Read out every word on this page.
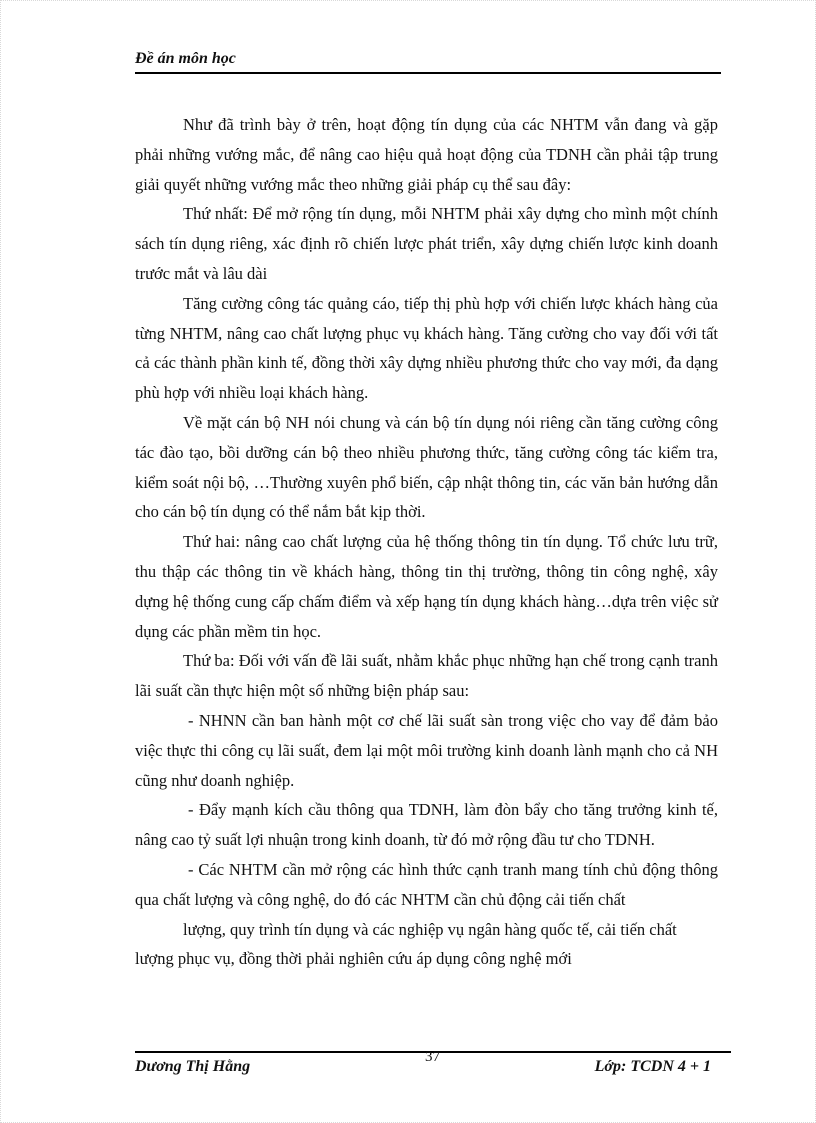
Đề án môn học

Như đã trình bày ở trên, hoạt động tín dụng của các NHTM vẫn đang và gặp phải những vướng mắc, để nâng cao hiệu quả hoạt động của TDNH cần phải tập trung giải quyết những vướng mắc theo những giải pháp cụ thể sau đây:

Thứ nhất: Để mở rộng tín dụng, mỗi NHTM phải xây dựng cho mình một chính sách tín dụng riêng, xác định rõ chiến lược phát triển, xây dựng chiến lược kinh doanh trước mắt và lâu dài

Tăng cường công tác quảng cáo, tiếp thị phù hợp với chiến lược khách hàng của từng NHTM, nâng cao chất lượng phục vụ khách hàng. Tăng cường cho vay đối với tất cả các thành phần kinh tế, đồng thời xây dựng nhiều phương thức cho vay mới, đa dạng phù hợp với nhiều loại khách hàng.

Về mặt cán bộ NH nói chung và cán bộ tín dụng nói riêng cần tăng cường công tác đào tạo, bồi dưỡng cán bộ theo nhiều phương thức, tăng cường công tác kiểm tra, kiểm soát nội bộ, …Thường xuyên phổ biến, cập nhật thông tin, các văn bản hướng dẫn cho cán bộ tín dụng có thể nắm bắt kịp thời.

Thứ hai: nâng cao chất lượng của hệ thống thông tin tín dụng. Tổ chức lưu trữ, thu thập các thông tin về khách hàng, thông tin thị trường, thông tin công nghệ, xây dựng hệ thống cung cấp chấm điểm và xếp hạng tín dụng khách hàng…dựa trên việc sử dụng các phần mềm tin học.

Thứ ba: Đối với vấn đề lãi suất, nhằm khắc phục những hạn chế trong cạnh tranh lãi suất cần thực hiện một số những biện pháp sau:

- NHNN cần ban hành một cơ chế lãi suất sàn trong việc cho vay để đảm bảo việc thực thi công cụ lãi suất, đem lại một môi trường kinh doanh lành mạnh cho cả NH cũng như doanh nghiệp.

- Đẩy mạnh kích cầu thông qua TDNH, làm đòn bẩy cho tăng trưởng kinh tế, nâng cao tỷ suất lợi nhuận trong kinh doanh, từ đó mở rộng đầu tư cho TDNH.

- Các NHTM cần mở rộng các hình thức cạnh tranh mang tính chủ động thông qua chất lượng và công nghệ, do đó các NHTM cần chủ động cải tiến chất

lượng, quy trình tín dụng và các nghiệp vụ ngân hàng quốc tế, cải tiến chất

lượng phục vụ, đồng thời phải nghiên cứu áp dụng công nghệ mới

Dương Thị Hằng
37
Lớp: TCDN 4 + 1
